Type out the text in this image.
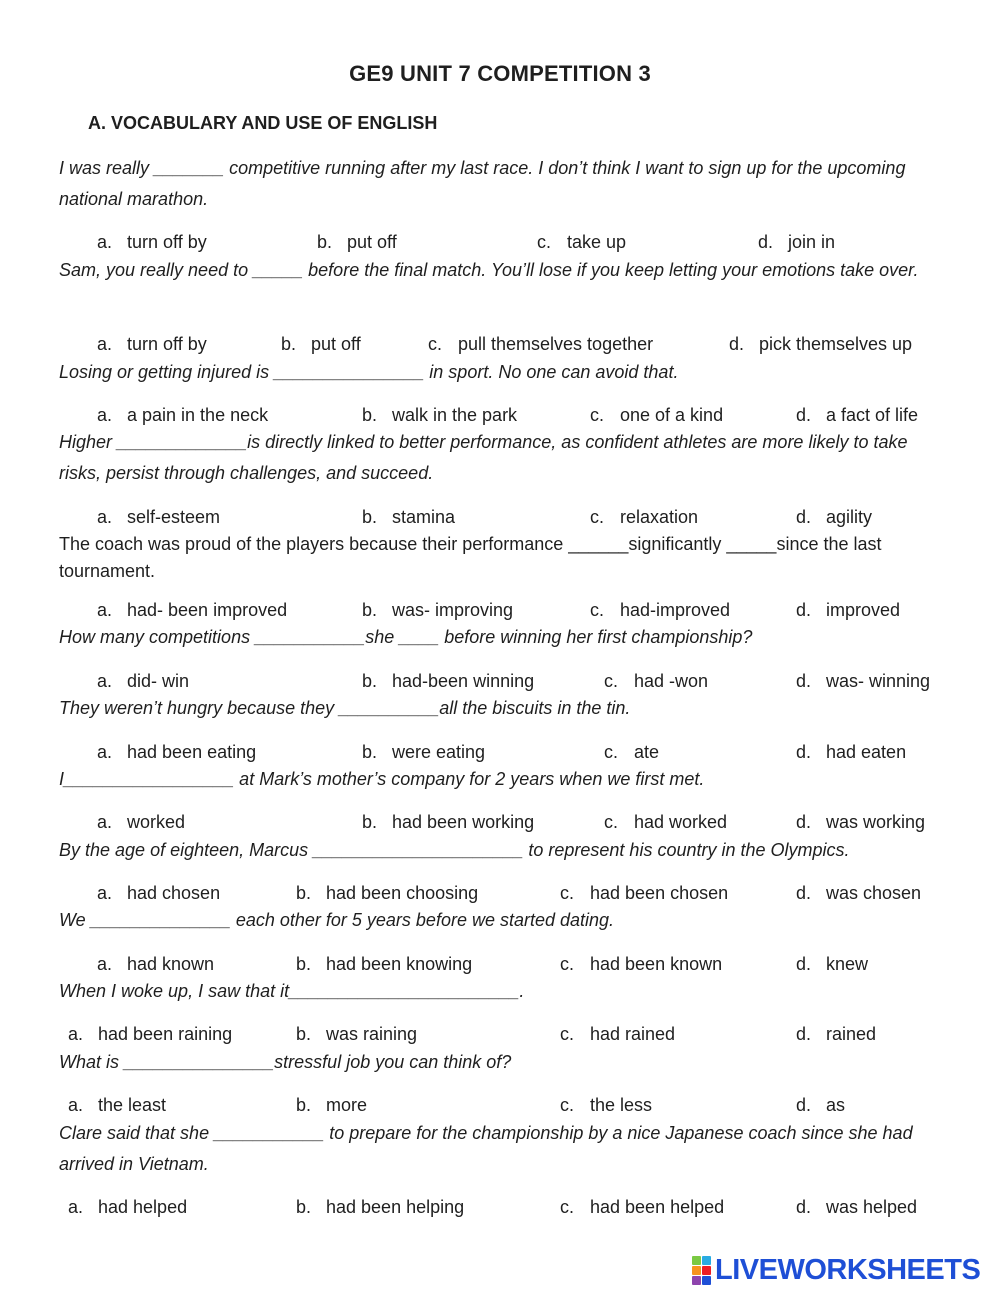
GE9 UNIT 7 COMPETITION 3
A. VOCABULARY AND USE OF ENGLISH
I was really _______ competitive running after my last race. I don’t think I want to sign up for the upcoming national marathon.
a. turn off by	b. put off	c. take up	d. join in
Sam, you really need to _____ before the final match. You’ll lose if you keep letting your emotions take over.
a. turn off by	b. put off	c. pull themselves together	d. pick themselves up
Losing or getting injured is _______________ in sport. No one can avoid that.
a. a pain in the neck	b. walk in the park	c. one of a kind	d. a fact of life
Higher _____________is directly linked to better performance, as confident athletes are more likely to take risks, persist through challenges, and succeed.
a. self-esteem	b. stamina	c. relaxation	d. agility
The coach was proud of the players because their performance ______significantly _____since the last tournament.
a. had- been improved	b. was- improving	c. had-improved	d. improved
How many competitions ___________she ____ before winning her first championship?
a. did- win	b. had-been winning	c. had -won	d. was- winning
They weren’t hungry because they __________all the biscuits in the tin.
a. had been eating	b. were eating	c. ate	d. had eaten
I_________________ at Mark’s mother’s company for 2 years when we first met.
a. worked	b. had been working	c. had worked	d. was working
By the age of eighteen, Marcus _____________________ to represent his country in the Olympics.
a. had chosen	b. had been choosing	c. had been chosen	d. was chosen
We ______________ each other for 5 years before we started dating.
a. had known	b. had been knowing	c. had been known	d. knew
When I woke up, I saw that it_______________________.
a. had been raining	b. was raining	c. had rained	d. rained
What is _______________stressful job you can think of?
a. the least	b. more	c. the less	d. as
Clare said that she ___________ to prepare for the championship by a nice Japanese coach since she had arrived in Vietnam.
a. had helped	b. had been helping	c. had been helped	d. was helped
LIVEWORKSHEETS
